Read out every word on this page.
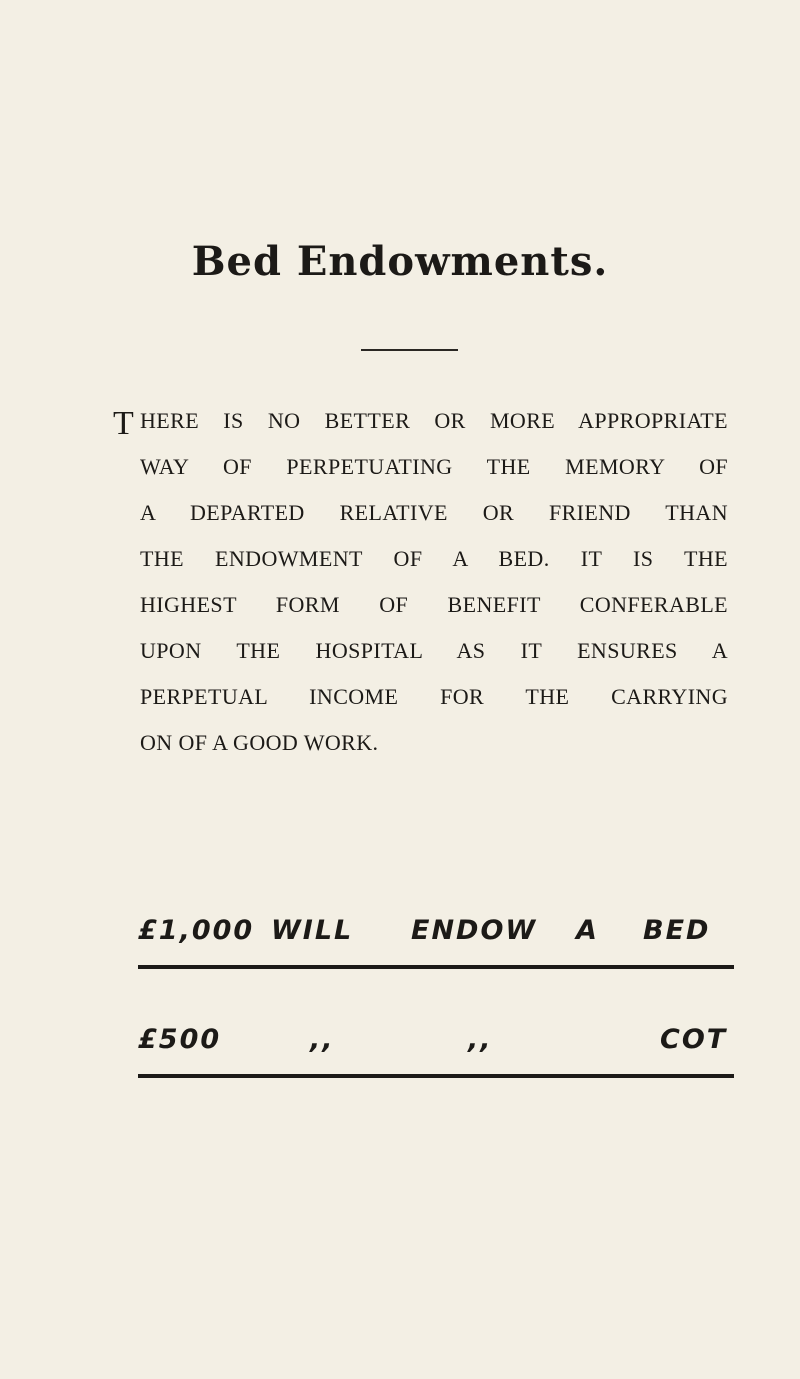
Bed Endowments.
THERE IS NO BETTER OR MORE APPROPRIATE
WAY OF PERPETUATING THE MEMORY OF
A DEPARTED RELATIVE OR FRIEND THAN
THE ENDOWMENT OF A BED. IT IS THE
HIGHEST FORM OF BENEFIT CONFERABLE
UPON THE HOSPITAL AS IT ENSURES A
PERPETUAL INCOME FOR THE CARRYING
ON OF A GOOD WORK.
£1,000 WILL ENDOW A BED
£500	,,	,,	COT
